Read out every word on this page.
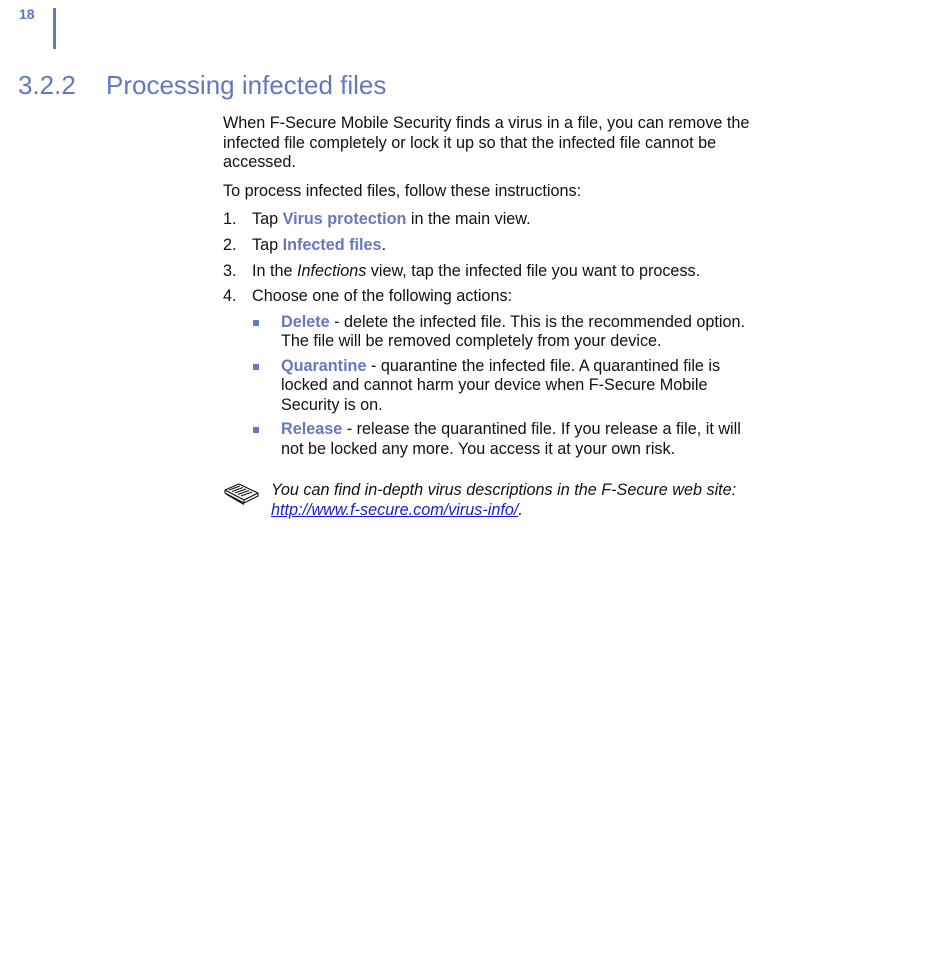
18
3.2.2 Processing infected files

When F-Secure Mobile Security finds a virus in a file, you can remove the infected file completely or lock it up so that the infected file cannot be accessed.

To process infected files, follow these instructions:

1. Tap Virus protection in the main view.
2. Tap Infected files.
3. In the Infections view, tap the infected file you want to process.
4. Choose one of the following actions:
Delete - delete the infected file. This is the recommended option. The file will be removed completely from your device.
Quarantine - quarantine the infected file. A quarantined file is locked and cannot harm your device when F-Secure Mobile Security is on.
Release - release the quarantined file. If you release a file, it will not be locked any more. You access it at your own risk.
You can find in-depth virus descriptions in the F-Secure web site: http://www.f-secure.com/virus-info/.
